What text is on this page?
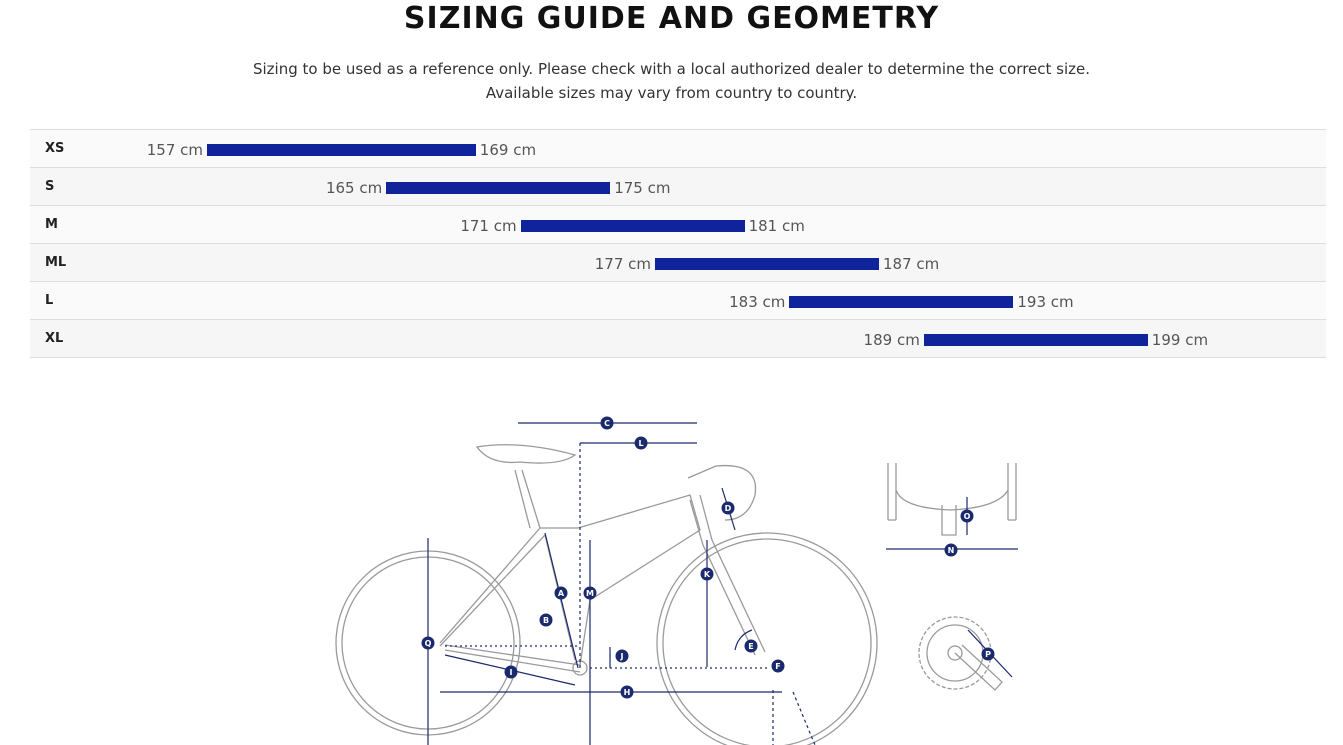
SIZING GUIDE AND GEOMETRY
Sizing to be used as a reference only. Please check with a local authorized dealer to determine the correct size.
Available sizes may vary from country to country.
XS	157 cm	169 cm
S	165 cm	175 cm
M	171 cm	181 cm
ML	177 cm	187 cm
L	183 cm	193 cm
XL	189 cm	199 cm
A
B
C
D
E
F
H
I
J
K
L
M
N
O
P
Q
